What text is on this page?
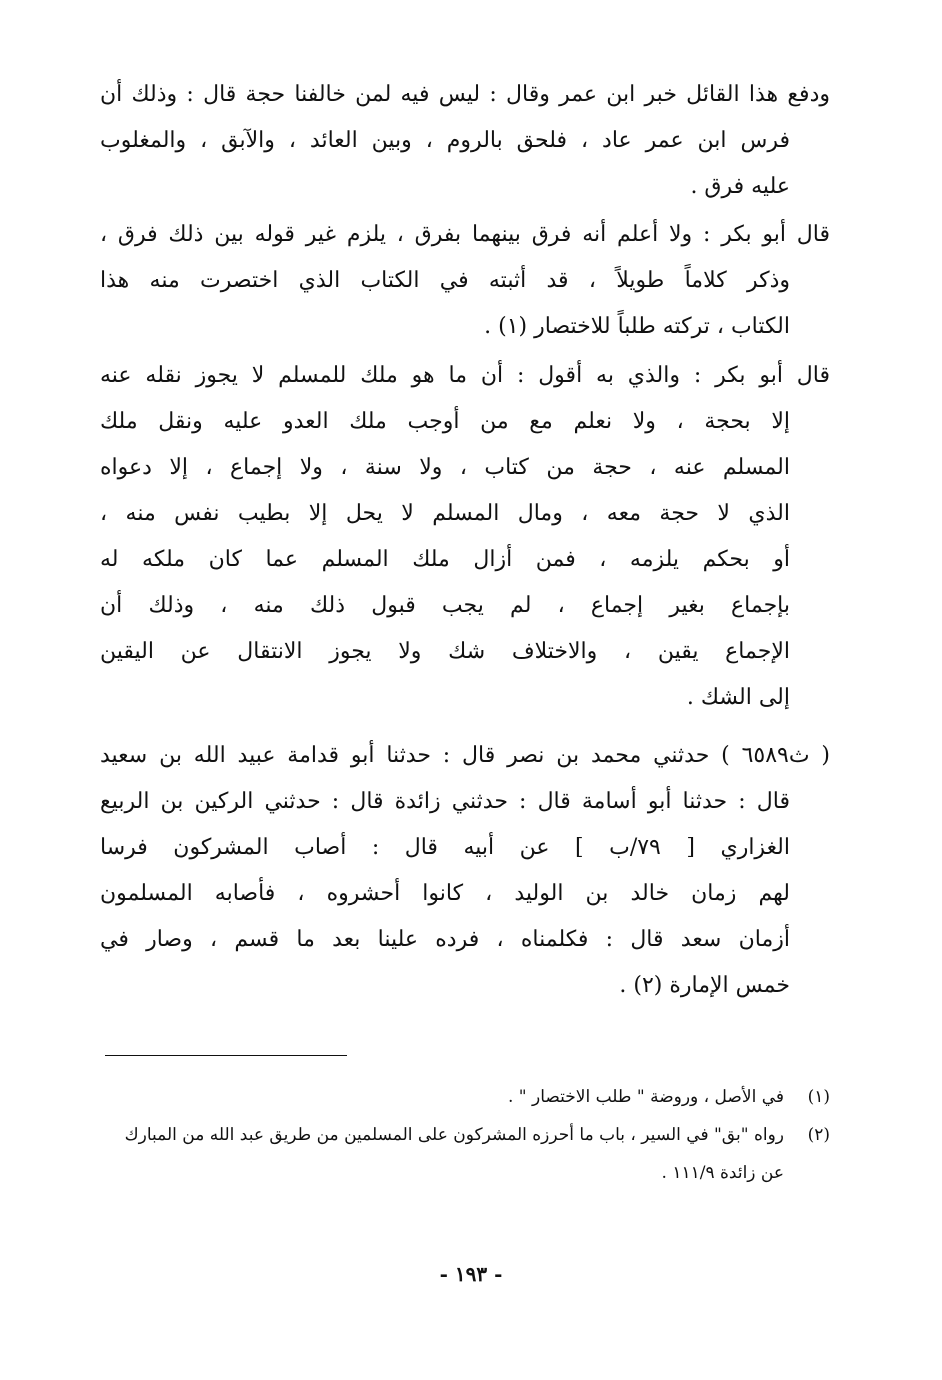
ودفع هذا القائل خبر ابن عمر وقال : ليس فيه لمن خالفنا حجة قال : وذلك أن
فرس ابن عمر عاد ، فلحق بالروم ، وبين العائد ، والآبق ، والمغلوب
عليه فرق .
قال أبو بكر : ولا أعلم أنه فرق بينهما بفرق ، يلزم غير قوله بين ذلك فرق ،
وذكر كلاماً طويلاً ، قد أثبته في الكتاب الذي اختصرت منه هذا
الكتاب ، تركته طلباً للاختصار (١) .
قال أبو بكر : والذي به أقول : أن ما هو ملك للمسلم لا يجوز نقله عنه
إلا بحجة ، ولا نعلم مع من أوجب ملك العدو عليه ونقل ملك
المسلم عنه ، حجة من كتاب ، ولا سنة ، ولا إجماع ، إلا دعواه
الذي لا حجة معه ، ومال المسلم لا يحل إلا بطيب نفس منه ،
أو بحكم يلزمه ، فمن أزال ملك المسلم عما كان ملكه له
بإجماع بغير إجماع ، لم يجب قبول ذلك منه ، وذلك أن
الإجماع يقين ، والاختلاف شك ولا يجوز الانتقال عن اليقين
إلى الشك .
( ث٦٥٨٩ ) حدثني محمد بن نصر قال : حدثنا أبو قدامة عبيد الله بن سعيد
قال : حدثنا أبو أسامة قال : حدثني زائدة قال : حدثني الركين بن الربيع
الغزاري [ ٧٩/ب ] عن أبيه قال : أصاب المشركون فرسا
لهم زمان خالد بن الوليد ، كانوا أحشروه ، فأصابه المسلمون
أزمان سعد قال : فكلمناه ، فرده علينا بعد ما قسم ، وصار في
خمس الإمارة (٢) .
(١)
في الأصل ، وروضة " طلب الاختصار " .
(٢)
رواه "بق" في السير ، باب ما أحرزه المشركون على المسلمين من طريق عبد الله من المبارك
عن زائدة ١١١/٩ .
- ١٩٣ -
